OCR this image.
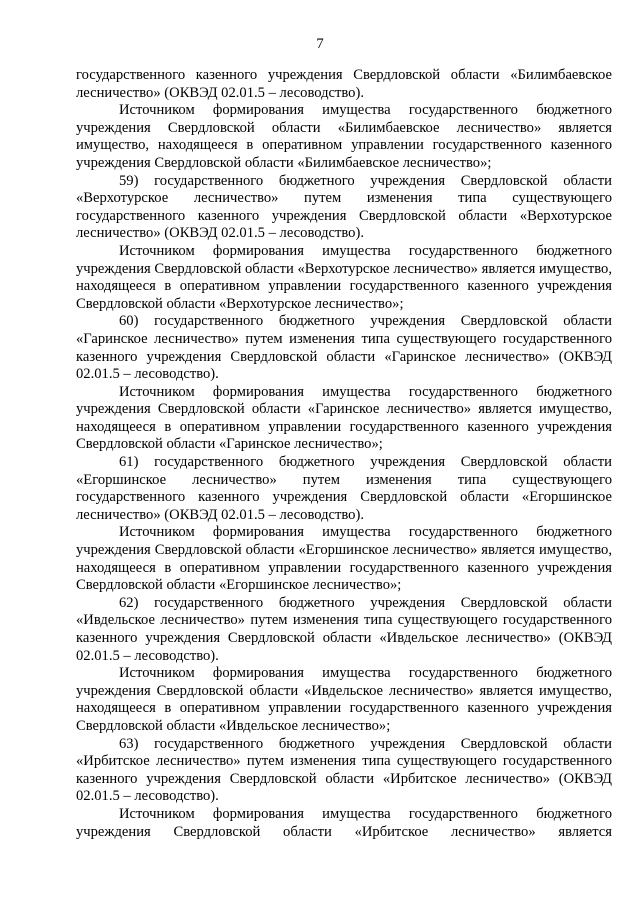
7

государственного казенного учреждения Свердловской области «Билимбаевское лесничество» (ОКВЭД 02.01.5 – лесоводство).

Источником формирования имущества государственного бюджетного учреждения Свердловской области «Билимбаевское лесничество» является имущество, находящееся в оперативном управлении государственного казенного учреждения Свердловской области «Билимбаевское лесничество»;

59) государственного бюджетного учреждения Свердловской области «Верхотурское лесничество» путем изменения типа существующего государственного казенного учреждения Свердловской области «Верхотурское лесничество» (ОКВЭД 02.01.5 – лесоводство).

Источником формирования имущества государственного бюджетного учреждения Свердловской области «Верхотурское лесничество» является имущество, находящееся в оперативном управлении государственного казенного учреждения Свердловской области «Верхотурское лесничество»;

60) государственного бюджетного учреждения Свердловской области «Гаринское лесничество» путем изменения типа существующего государственного казенного учреждения Свердловской области «Гаринское лесничество» (ОКВЭД 02.01.5 – лесоводство).

Источником формирования имущества государственного бюджетного учреждения Свердловской области «Гаринское лесничество» является имущество, находящееся в оперативном управлении государственного казенного учреждения Свердловской области «Гаринское лесничество»;

61) государственного бюджетного учреждения Свердловской области «Егоршинское лесничество» путем изменения типа существующего государственного казенного учреждения Свердловской области «Егоршинское лесничество» (ОКВЭД 02.01.5 – лесоводство).

Источником формирования имущества государственного бюджетного учреждения Свердловской области «Егоршинское лесничество» является имущество, находящееся в оперативном управлении государственного казенного учреждения Свердловской области «Егоршинское лесничество»;

62) государственного бюджетного учреждения Свердловской области «Ивдельское лесничество» путем изменения типа существующего государственного казенного учреждения Свердловской области «Ивдельское лесничество» (ОКВЭД 02.01.5 – лесоводство).

Источником формирования имущества государственного бюджетного учреждения Свердловской области «Ивдельское лесничество» является имущество, находящееся в оперативном управлении государственного казенного учреждения Свердловской области «Ивдельское лесничество»;

63) государственного бюджетного учреждения Свердловской области «Ирбитское лесничество» путем изменения типа существующего государственного казенного учреждения Свердловской области «Ирбитское лесничество» (ОКВЭД 02.01.5 – лесоводство).

Источником формирования имущества государственного бюджетного учреждения Свердловской области «Ирбитское лесничество» является
